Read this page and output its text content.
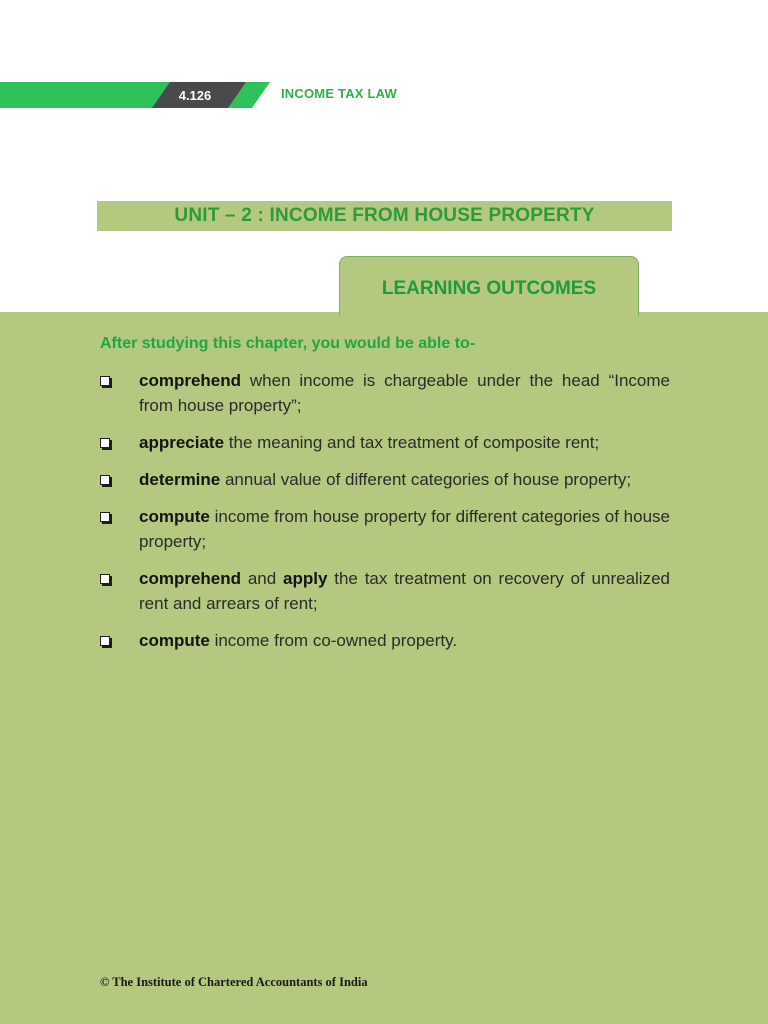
4.126	INCOME TAX LAW
UNIT – 2 : INCOME FROM HOUSE PROPERTY
LEARNING OUTCOMES
After studying this chapter, you would be able to-
comprehend when income is chargeable under the head “Income from house property”;
appreciate the meaning and tax treatment of composite rent;
determine annual value of different categories of house property;
compute income from house property for different categories of house property;
comprehend and apply the tax treatment on recovery of unrealized rent and arrears of rent;
compute income from co-owned property.
© The Institute of Chartered Accountants of India
